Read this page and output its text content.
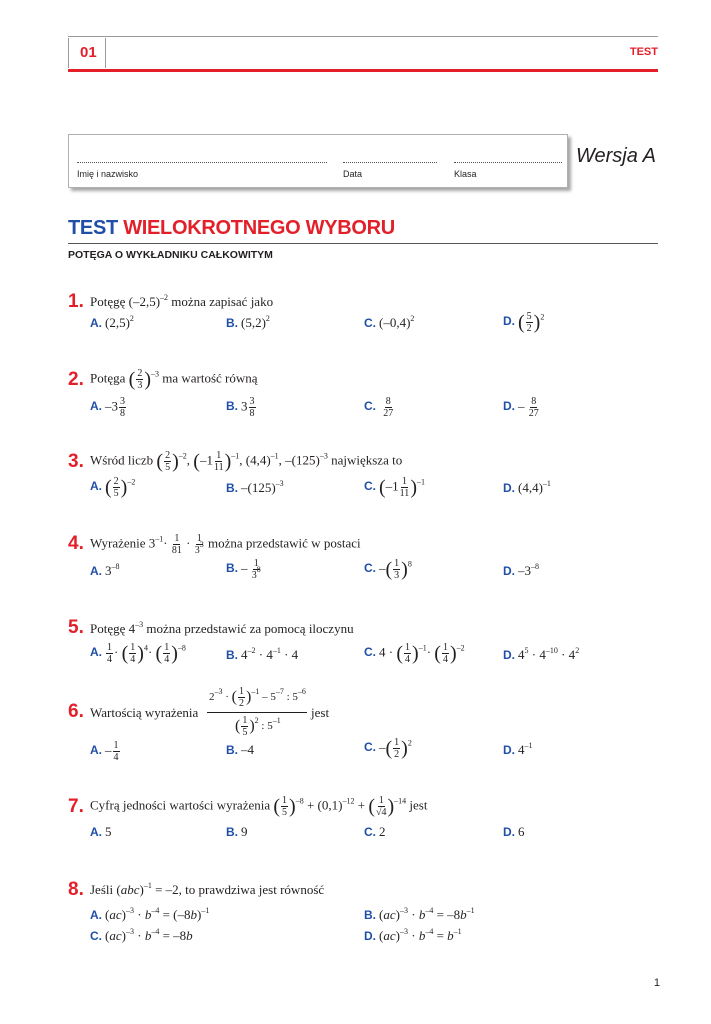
01	TEST
Imię i nazwisko	Data	Klasa
Wersja A
TEST WIELOKROTNEGO WYBORU
POTĘGA O WYKŁADNIKU CAŁKOWITYM
1. Potęgę $(-2,5)^{-2}$ można zapisać jako
A. $(2,5)^2$	B. $(5,2)^2$	C. $(-0,4)^2$	D. ( $\frac{5}{2} )^2$
2. Potęga ( $\frac{2}{3} )^{-3}$ ma wartość równą
A. $-3 \frac{3}{8}$	B. $3 \frac{3}{8}$	C. $\frac{8}{27}$	D. – $\frac{8}{27}$
3. Wśród liczb ( $\frac{2}{5} )^{-2}$, $(-1 \frac{1}{11} )^{-1}$, $(4,4)^{-1}$, $-(125)^{-3}$ największa to
A. ( $\frac{2}{5} )^{-2}$	B. $-(125)^{-3}$	C. $(-1 \frac{1}{11} )^{-1}$	D. $(4,4)^{-1}$
4. Wyrażenie $3^{-1}\cdot \frac{1}{81} \cdot \frac{1}{3^3}$ można przedstawić w postaci
A. $3^{-8}$	B. – $\frac{1}{3^8}$	C. –( $\frac{1}{3} )^8$
D. $-3^{-8}$
5. Potęgę $4^{-3}$ można przedstawić za pomocą iloczynu
A. $\frac{1}{4}$ · ( $\frac{1}{4} )^4\cdot$ ( $\frac{1}{4} )^{-8}$
B. $4^{-2} \cdot 4^{-1} \cdot 4$	C. 4 · ( $\frac{1}{4} )^{-1}\cdot$ ( $\frac{1}{4} )^{-2}$
D. $4^5 \cdot 4^{-10} \cdot 4^2$
6. Wartością wyrażenia
$2^{-3}$ · ( $\frac{1}{2} )^{-1} - 5^{-7}$ : $5^{-6}$
( $\frac{1}{5} )^2$ : $5^{-1}$
jest
A. – $\frac{1}{4}$	B. –4	C. –( $\frac{1}{2} )^2$
D. $4^{-1}$
7. Cyfrą jedności wartości wyrażenia ( $\frac{1}{5} )^{-8} + (0,1)^{-12}$ + ( $\frac{1}{√4} )^{-14}$ jest
A. 5	B. 9	C. 2	D. 6
8. Jeśli (abc)$^{-1}$ = –2, to prawdziwa jest równość
A. $(ac)^{-3} \cdot b^{-4} = (-8b)^{-1}$	B. $(ac)^{-3} \cdot b^{-4} = -8b^{-1}$
C. $(ac)^{-3} \cdot b^{-4} = -8b$	D. $(ac)^{-3} \cdot b^{-4} = b^{-1}$
1
